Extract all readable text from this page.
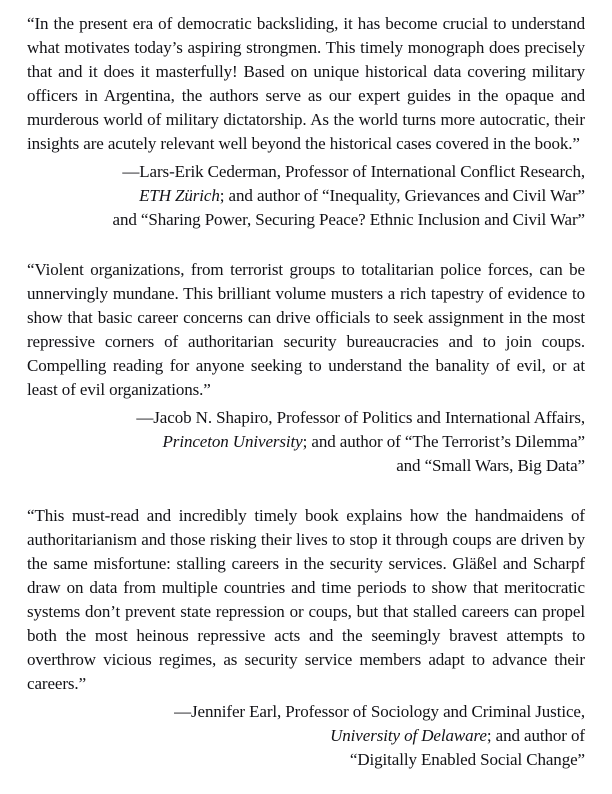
“In the present era of democratic backsliding, it has become crucial to understand what motivates today’s aspiring strongmen. This timely monograph does precisely that and it does it masterfully! Based on unique historical data covering military officers in Argentina, the authors serve as our expert guides in the opaque and murderous world of military dictatorship. As the world turns more autocratic, their insights are acutely relevant well beyond the historical cases covered in the book.”

—Lars-Erik Cederman, Professor of International Conflict Research,
ETH Zürich; and author of “Inequality, Grievances and Civil War”
and “Sharing Power, Securing Peace? Ethnic Inclusion and Civil War”

“Violent organizations, from terrorist groups to totalitarian police forces, can be unnervingly mundane. This brilliant volume musters a rich tapestry of evidence to show that basic career concerns can drive officials to seek assignment in the most repressive corners of authoritarian security bureaucracies and to join coups. Compelling reading for anyone seeking to understand the banality of evil, or at least of evil organizations.”

—Jacob N. Shapiro, Professor of Politics and International Affairs,
Princeton University; and author of “The Terrorist’s Dilemma”
and “Small Wars, Big Data”

“This must-read and incredibly timely book explains how the handmaidens of authoritarianism and those risking their lives to stop it through coups are driven by the same misfortune: stalling careers in the security services. Gläßel and Scharpf draw on data from multiple countries and time periods to show that meritocratic systems don’t prevent state repression or coups, but that stalled careers can propel both the most heinous repressive acts and the seemingly bravest attempts to overthrow vicious regimes, as security service members adapt to advance their careers.”

—Jennifer Earl, Professor of Sociology and Criminal Justice,
University of Delaware; and author of
“Digitally Enabled Social Change”
